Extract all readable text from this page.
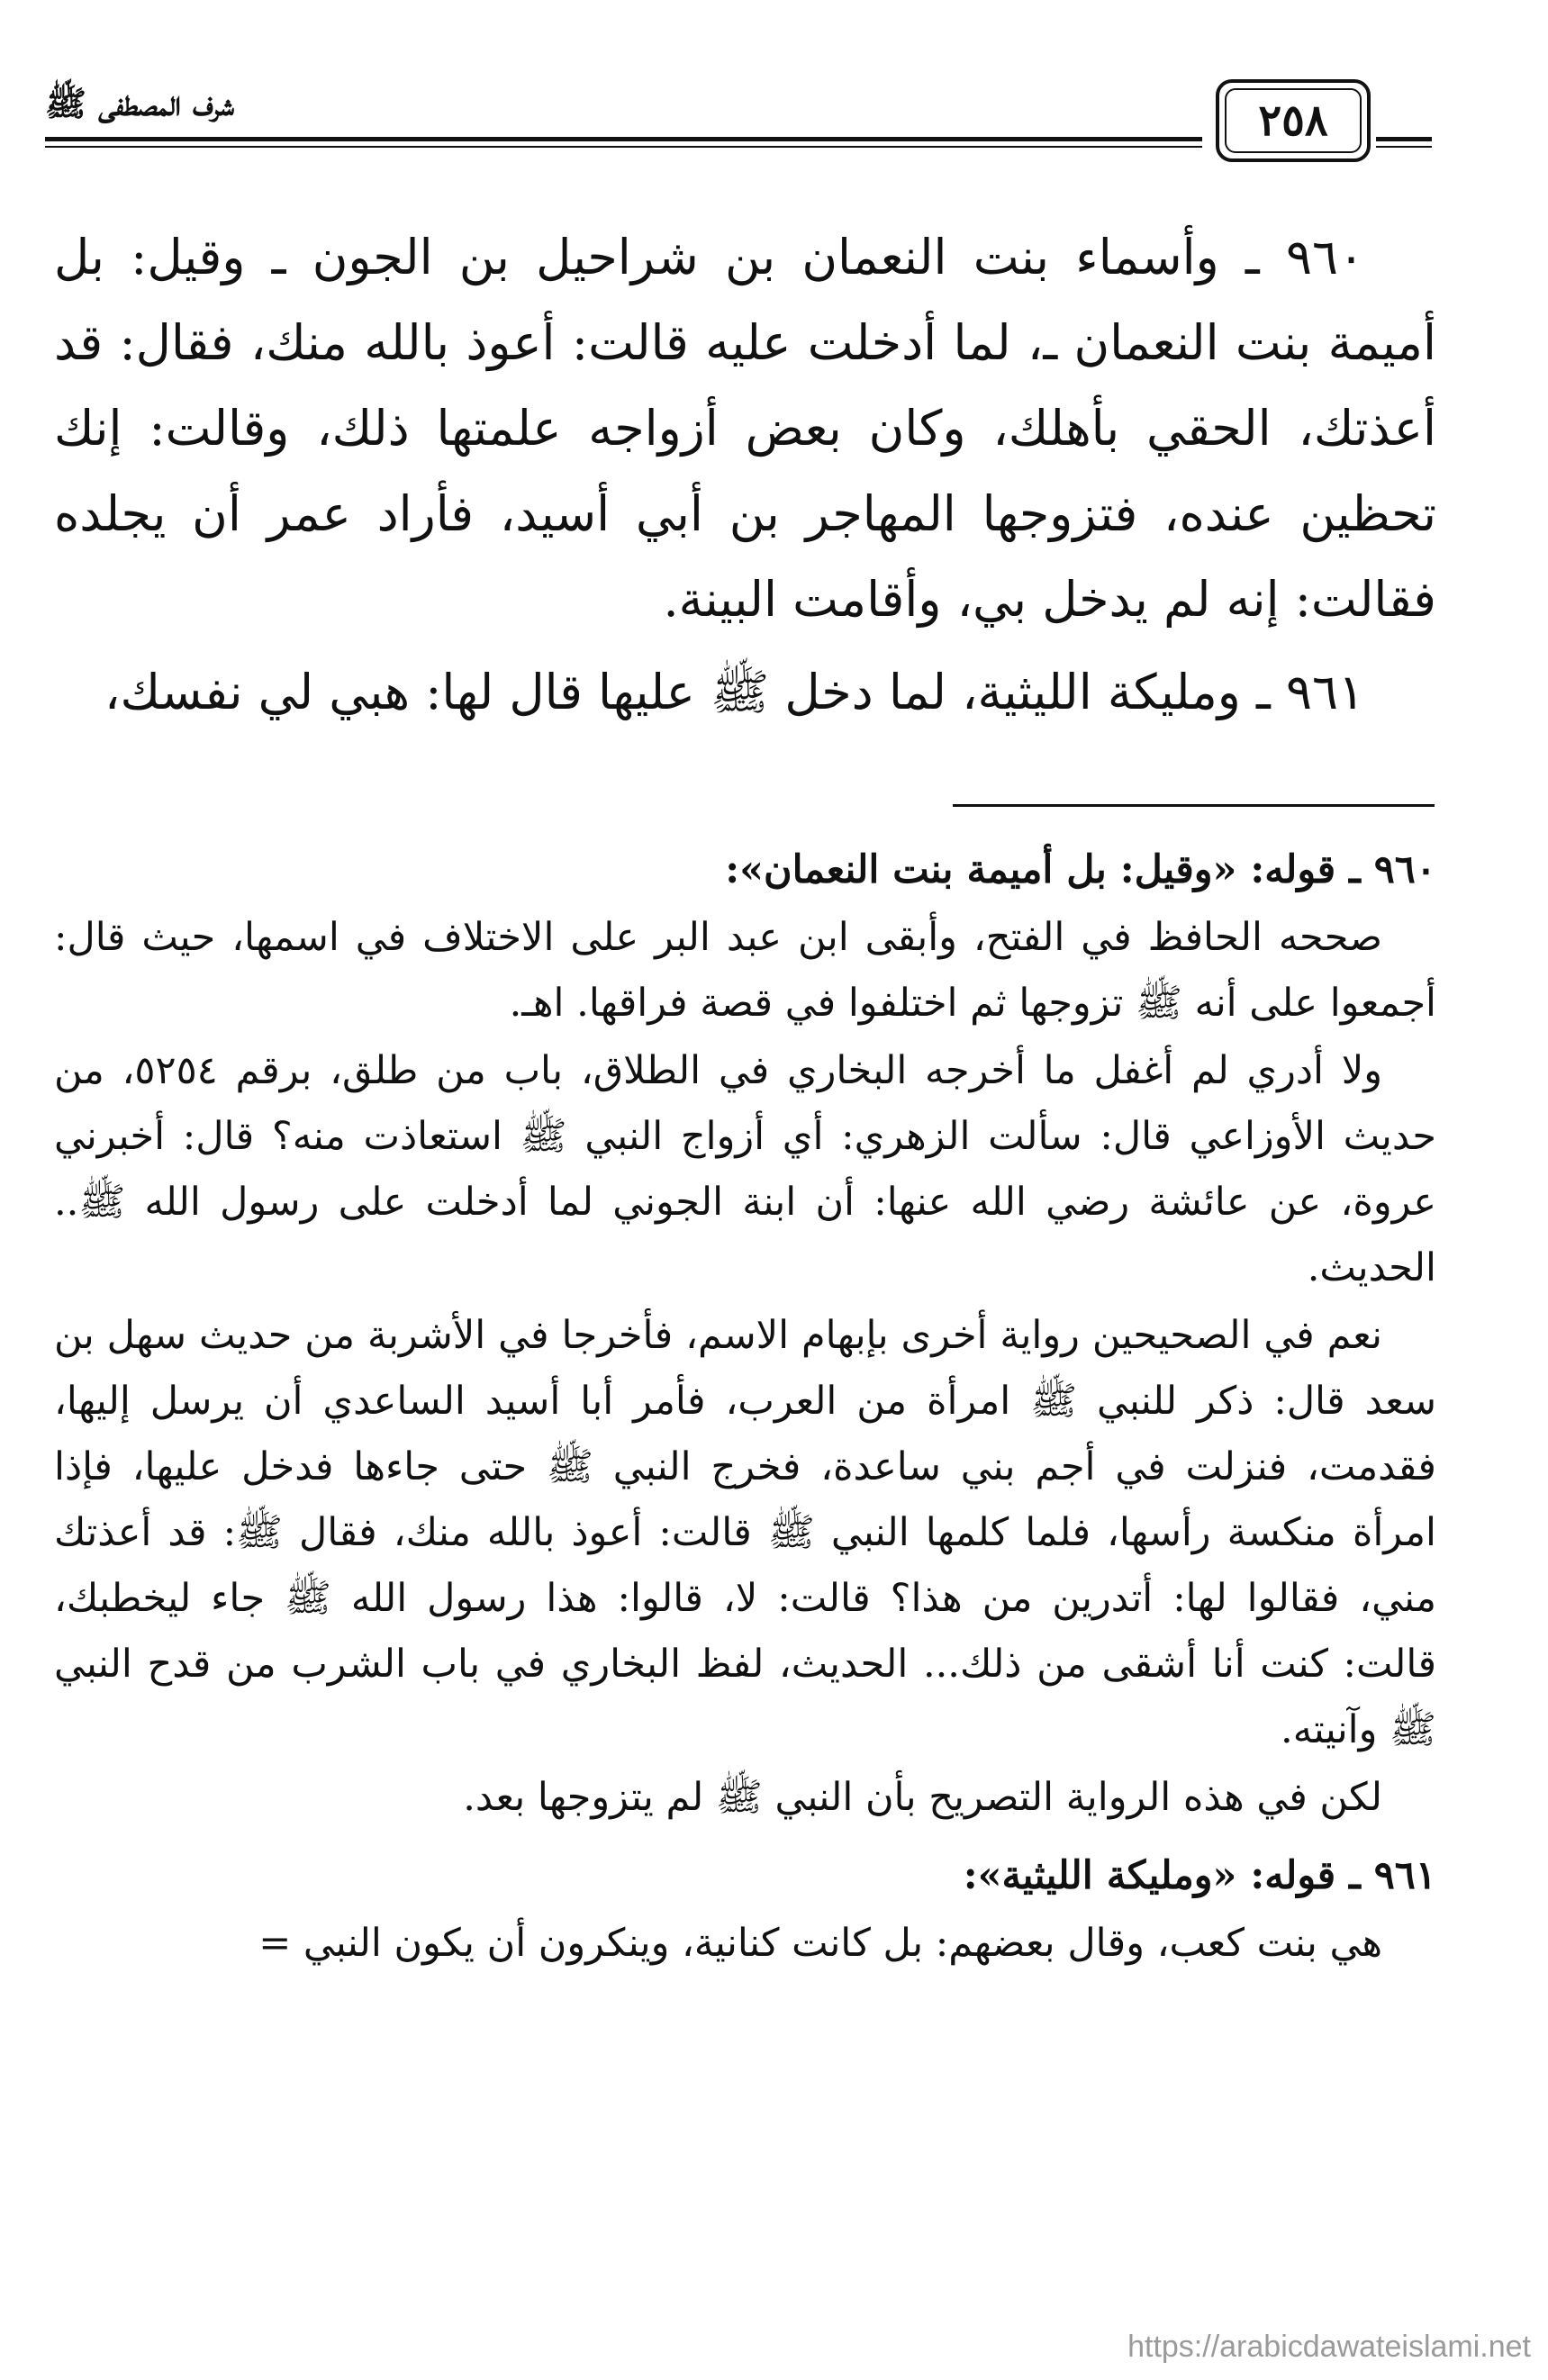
شرف المصطفى ﷺ	٢٥٨

٩٦٠ ـ وأسماء بنت النعمان بن شراحيل بن الجون ـ وقيل: بل أميمة بنت النعمان ـ، لما أدخلت عليه قالت: أعوذ بالله منك، فقال: قد أعذتك، الحقي بأهلك، وكان بعض أزواجه علمتها ذلك، وقالت: إنك تحظين عنده، فتزوجها المهاجر بن أبي أسيد، فأراد عمر أن يجلده فقالت: إنه لم يدخل بي، وأقامت البينة.

٩٦١ ـ ومليكة الليثية، لما دخل ﷺ عليها قال لها: هبي لي نفسك،

٩٦٠ ـ قوله: «وقيل: بل أميمة بنت النعمان»:

صححه الحافظ في الفتح، وأبقى ابن عبد البر على الاختلاف في اسمها، حيث قال: أجمعوا على أنه ﷺ تزوجها ثم اختلفوا في قصة فراقها. اهـ.

ولا أدري لم أغفل ما أخرجه البخاري في الطلاق، باب من طلق، برقم ٥٢٥٤، من حديث الأوزاعي قال: سألت الزهري: أي أزواج النبي ﷺ استعاذت منه؟ قال: أخبرني عروة، عن عائشة رضي الله عنها: أن ابنة الجوني لما أدخلت على رسول الله ﷺ.. الحديث.

نعم في الصحيحين رواية أخرى بإبهام الاسم، فأخرجا في الأشربة من حديث سهل بن سعد قال: ذكر للنبي ﷺ امرأة من العرب، فأمر أبا أسيد الساعدي أن يرسل إليها، فقدمت، فنزلت في أجم بني ساعدة، فخرج النبي ﷺ حتى جاءها فدخل عليها، فإذا امرأة منكسة رأسها، فلما كلمها النبي ﷺ قالت: أعوذ بالله منك، فقال ﷺ: قد أعذتك مني، فقالوا لها: أتدرين من هذا؟ قالت: لا، قالوا: هذا رسول الله ﷺ جاء ليخطبك، قالت: كنت أنا أشقى من ذلك... الحديث، لفظ البخاري في باب الشرب من قدح النبي ﷺ وآنيته.

لكن في هذه الرواية التصريح بأن النبي ﷺ لم يتزوجها بعد.

٩٦١ ـ قوله: «ومليكة الليثية»:

هي بنت كعب، وقال بعضهم: بل كانت كنانية، وينكرون أن يكون النبي =

https://arabicdawateislami.net
